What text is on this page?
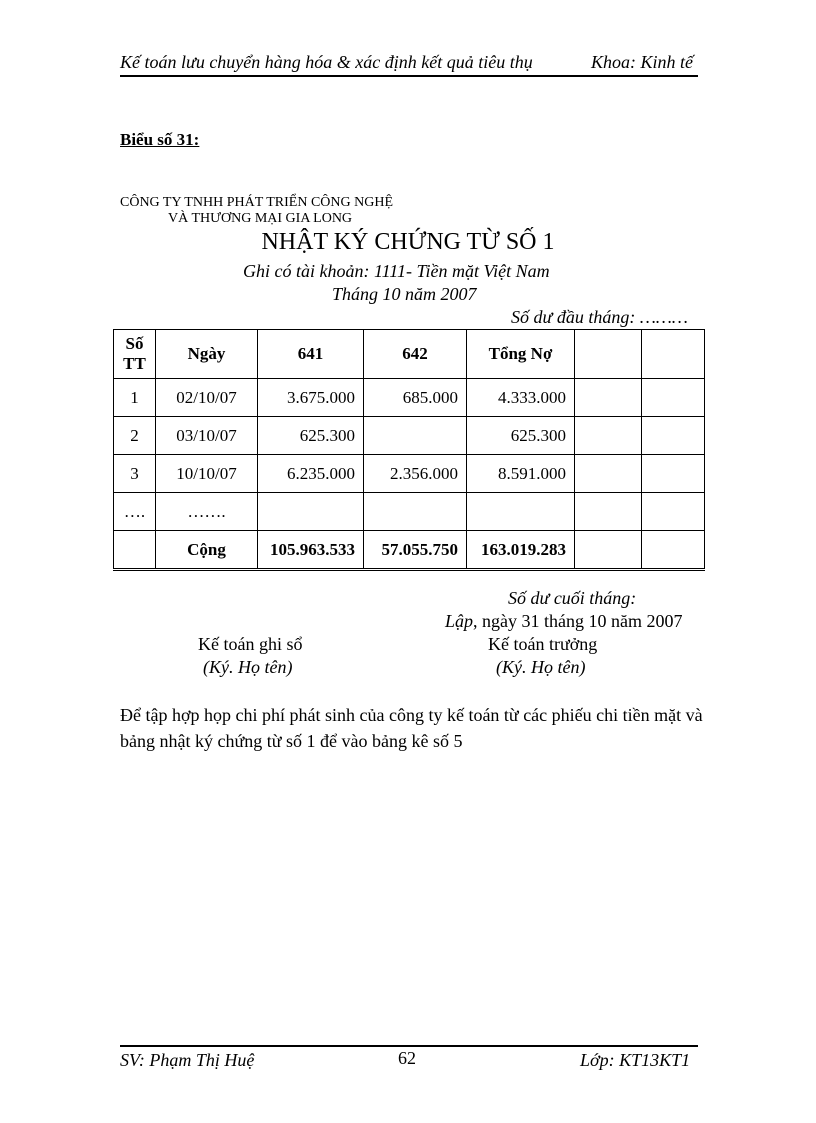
Kế toán lưu chuyển hàng hóa & xác định kết quả tiêu thụ	Khoa: Kinh tế
Biểu số 31:
CÔNG TY TNHH PHÁT TRIỂN CÔNG NGHỆ
VÀ THƯƠNG MẠI GIA LONG
NHẬT KÝ CHỨNG TỪ SỐ 1
Ghi có tài khoản: 1111- Tiền mặt Việt Nam
Tháng 10 năm 2007
Số dư đầu tháng: ………
Số
TT	Ngày	641	642	Tổng Nợ		
1	02/10/07	3.675.000	685.000	4.333.000		
2	03/10/07	625.300		625.300		
3	10/10/07	6.235.000	2.356.000	8.591.000		
….	…….					
	Cộng	105.963.533	57.055.750	163.019.283		
Số dư cuối tháng:
Lập, ngày 31 tháng 10 năm 2007
Kế toán ghi sổ
(Ký. Họ tên)
Kế toán trưởng
(Ký. Họ tên)
Để tập hợp họp chi phí phát sinh của công ty kế toán từ các phiếu chi tiền mặt và bảng nhật ký chứng từ số 1 để vào bảng kê số 5
SV: Phạm Thị Huệ	62	Lớp: KT13KT1
